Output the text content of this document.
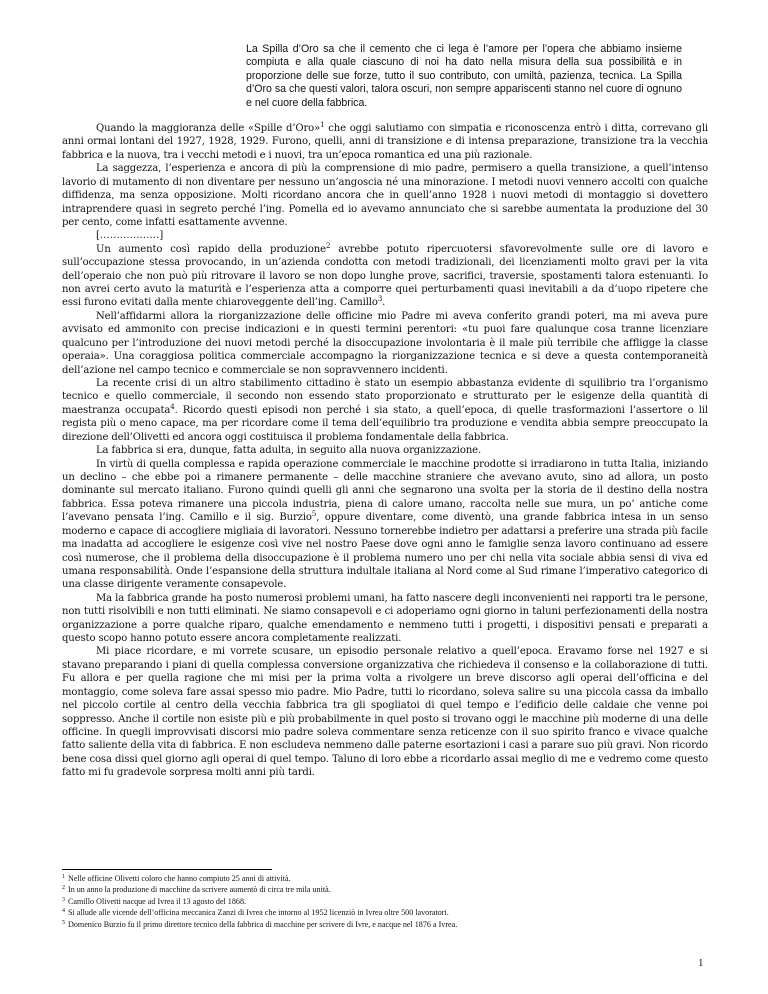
La Spilla d’Oro sa che il cemento che ci lega è l’amore per l’opera che abbiamo insieme compiuta e alla quale ciascuno di noi ha dato nella misura della sua possibilità e in proporzione delle sue forze, tutto il suo contributo, con umiltà, pazienza, tecnica. La Spilla d’Oro sa che questi valori, talora oscuri, non sempre appariscenti stanno nel cuore di ognuno e nel cuore della fabbrica.

Quando la maggioranza delle «Spille d’Oro»$^1$ che oggi salutiamo con simpatia e riconoscenza entrò i ditta, correvano gli anni ormai lontani del 1927, 1928, 1929. Furono, quelli, anni di transizione e di intensa preparazione, transizione tra la vecchia fabbrica e la nuova, tra i vecchi metodi e i nuovi, tra un’epoca romantica ed una più razionale.

La saggezza, l’esperienza e ancora di più la comprensione di mio padre, permisero a quella transizione, a quell’intenso lavorio di mutamento di non diventare per nessuno un’angoscia né una minorazione. I metodi nuovi vennero accolti con qualche diffidenza, ma senza opposizione. Molti ricordano ancora che in quell’anno 1928 i nuovi metodi di montaggio si dovettero intraprendere quasi in segreto perché l’ing. Pomella ed io avevamo annunciato che si sarebbe aumentata la produzione del 30 per cento, come infatti esattamente avvenne.

[………………]

Un aumento così rapido della produzione$^2$ avrebbe potuto ripercuotersi sfavorevolmente sulle ore di lavoro e sull’occupazione stessa provocando, in un’azienda condotta con metodi tradizionali, dei licenziamenti molto gravi per la vita dell’operaio che non può più ritrovare il lavoro se non dopo lunghe prove, sacrifici, traversie, spostamenti talora estenuanti. Io non avrei certo avuto la maturità e l’esperienza atta a comporre quei perturbamenti quasi inevitabili a da d’uopo ripetere che essi furono evitati dalla mente chiaroveggente dell’ing. Camillo$^3$.

Nell’affidarmi allora la riorganizzazione delle officine mio Padre mi aveva conferito grandi poteri, ma mi aveva pure avvisato ed ammonito con precise indicazioni e in questi termini perentori: «tu puoi fare qualunque cosa tranne licenziare qualcuno per l’introduzione dei nuovi metodi perché la disoccupazione involontaria è il male più terribile che affligge la classe operaia». Una coraggiosa politica commerciale accompagno la riorganizzazione tecnica e si deve a questa contemporaneità dell’azione nel campo tecnico e commerciale se non sopravvennero incidenti.

La recente crisi di un altro stabilimento cittadino è stato un esempio abbastanza evidente di squilibrio tra l’organismo tecnico e quello commerciale, il secondo non essendo stato proporzionato e strutturato per le esigenze della quantità di maestranza occupata$^4$. Ricordo questi episodi non perché i sia stato, a quell’epoca, di quelle trasformazioni l’assertore o lil regista più o meno capace, ma per ricordare come il tema dell’equilibrio tra produzione e vendita abbia sempre preoccupato la direzione dell’Olivetti ed ancora oggi costituisca il problema fondamentale della fabbrica.

La fabbrica si era, dunque, fatta adulta, in seguito alla nuova organizzazione.

In virtù di quella complessa e rapida operazione commerciale le macchine prodotte si irradiarono in tutta Italia, iniziando un declino – che ebbe poi a rimanere permanente – delle macchine straniere che avevano avuto, sino ad allora, un posto dominante sul mercato italiano. Furono quindi quelli gli anni che segnarono una svolta per la storia de il destino della nostra fabbrica. Essa poteva rimanere una piccola industria, piena di calore umano, raccolta nelle sue mura, un po’ antiche come l’avevano pensata l’ing. Camillo e il sig. Burzio$^5$, oppure diventare, come diventò, una grande fabbrica intesa in un senso moderno e capace di accogliere migliaia di lavoratori. Nessuno tornerebbe indietro per adattarsi a preferire una strada più facile ma inadatta ad accogliere le esigenze così vive nel nostro Paese dove ogni anno le famiglie senza lavoro continuano ad essere così numerose, che il problema della disoccupazione è il problema numero uno per chi nella vita sociale abbia sensi di viva ed umana responsabilità. Onde l’espansione della struttura indultale italiana al Nord come al Sud rimane l’imperativo categorico di una classe dirigente veramente consapevole.

Ma la fabbrica grande ha posto numerosi problemi umani, ha fatto nascere degli inconvenienti nei rapporti tra le persone, non tutti risolvibili e non tutti eliminati. Ne siamo consapevoli e ci adoperiamo ogni giorno in taluni perfezionamenti della nostra organizzazione a porre qualche riparo, qualche emendamento e nemmeno tutti i progetti, i dispositivi pensati e preparati a questo scopo hanno potuto essere ancora completamente realizzati.

Mi piace ricordare, e mi vorrete scusare, un episodio personale relativo a quell’epoca. Eravamo forse nel 1927 e si stavano preparando i piani di quella complessa conversione organizzativa che richiedeva il consenso e la collaborazione di tutti. Fu allora e per quella ragione che mi misi per la prima volta a rivolgere un breve discorso agli operai dell’officina e del montaggio, come soleva fare assai spesso mio padre. Mio Padre, tutti lo ricordano, soleva salire su una piccola cassa da imballo nel piccolo cortile al centro della vecchia fabbrica tra gli spogliatoi di quel tempo e l’edificio delle caldaie che venne poi soppresso. Anche il cortile non esiste più e più probabilmente in quel posto si trovano oggi le macchine più moderne di una delle officine. In quegli improvvisati discorsi mio padre soleva commentare senza reticenze con il suo spirito franco e vivace qualche fatto saliente della vita di fabbrica. E non escludeva nemmeno dalle paterne esortazioni i casi a parare suo più gravi. Non ricordo bene cosa dissi quel giorno agli operai di quel tempo. Taluno di loro ebbe a ricordarlo assai meglio di me e vedremo come questo fatto mi fu gradevole sorpresa molti anni più tardi.

$^1$ Nelle officine Olivetti coloro che hanno compiuto 25 anni di attività.
$^2$ In un anno la produzione di macchine da scrivere aumentò di circa tre mila unità.
$^3$ Camillo Olivetti nacque ad Ivrea il 13 agosto del 1868.
$^4$ Si allude alle vicende dell’officina meccanica Zanzi di Ivrea che intorno al 1952 licenziò in Ivrea oltre 500 lavoratori.
$^5$ Domenico Burzio fu il primo direttore tecnico della fabbrica di macchine per scrivere di Ivre, e nacque nel 1876 a Ivrea.
1
